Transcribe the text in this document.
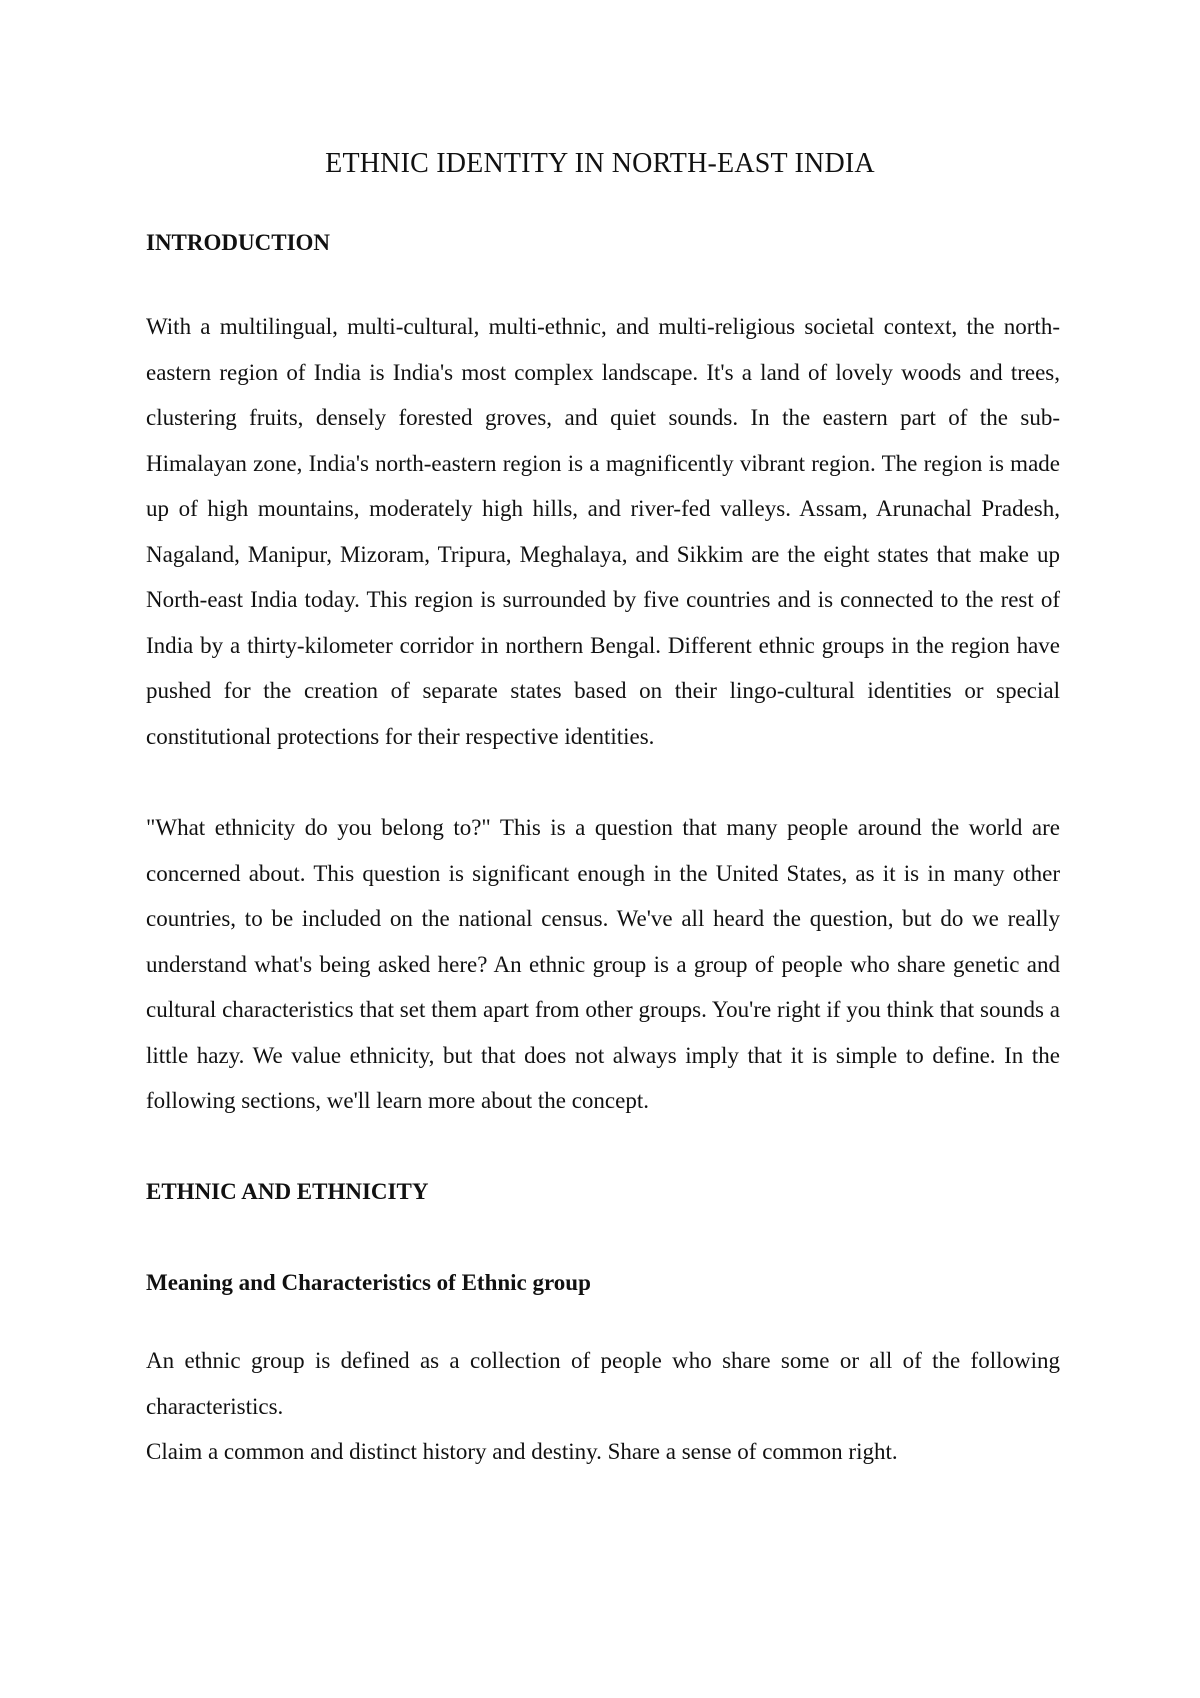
ETHNIC IDENTITY IN NORTH-EAST INDIA
INTRODUCTION

With a multilingual, multi-cultural, multi-ethnic, and multi-religious societal context, the north-eastern region of India is India's most complex landscape. It's a land of lovely woods and trees, clustering fruits, densely forested groves, and quiet sounds. In the eastern part of the sub-Himalayan zone, India's north-eastern region is a magnificently vibrant region. The region is made up of high mountains, moderately high hills, and river-fed valleys. Assam, Arunachal Pradesh, Nagaland, Manipur, Mizoram, Tripura, Meghalaya, and Sikkim are the eight states that make up North-east India today. This region is surrounded by five countries and is connected to the rest of India by a thirty-kilometer corridor in northern Bengal. Different ethnic groups in the region have pushed for the creation of separate states based on their lingo-cultural identities or special constitutional protections for their respective identities.

"What ethnicity do you belong to?" This is a question that many people around the world are concerned about. This question is significant enough in the United States, as it is in many other countries, to be included on the national census. We've all heard the question, but do we really understand what's being asked here? An ethnic group is a group of people who share genetic and cultural characteristics that set them apart from other groups. You're right if you think that sounds a little hazy. We value ethnicity, but that does not always imply that it is simple to define. In the following sections, we'll learn more about the concept.

ETHNIC AND ETHNICITY
Meaning and Characteristics of Ethnic group

An ethnic group is defined as a collection of people who share some or all of the following characteristics.

Claim a common and distinct history and destiny. Share a sense of common right.
